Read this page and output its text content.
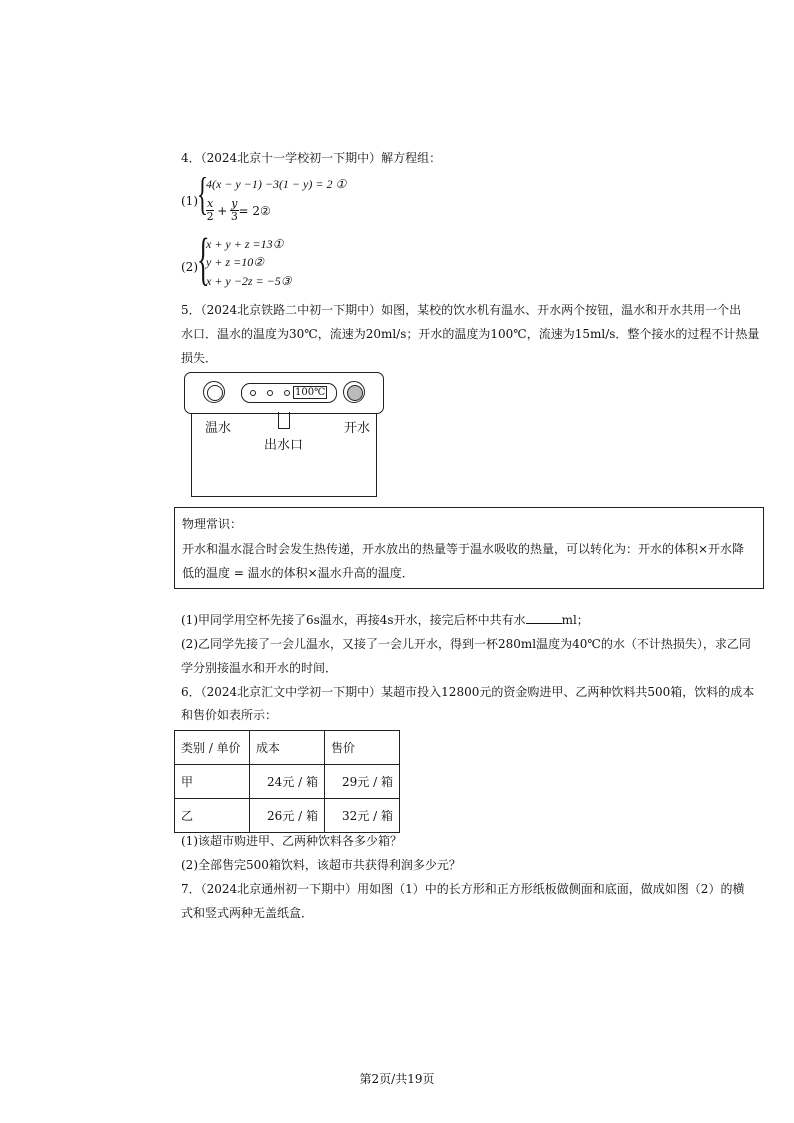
4．（2024北京十一学校初一下期中）解方程组：
(1) {
4(x − y −1) −3(1 − y) = 2 ①
$\frac{x}{2} + \frac{y}{3}$ = 2②
(2) {
x + y + z =13①
y + z =10②
x + y −2z = −5③
5．（2024北京铁路二中初一下期中）如图，某校的饮水机有温水、开水两个按钮，温水和开水共用一个出
水口．温水的温度为30℃，流速为20ml/s；开水的温度为100℃，流速为15ml/s．整个接水的过程不计热量
损失．
100℃
温水	开水
出水口
物理常识：
开水和温水混合时会发生热传递，开水放出的热量等于温水吸收的热量，可以转化为：开水的体积×开水降
低的温度 = 温水的体积×温水升高的温度．
(1)甲同学用空杯先接了6s温水，再接4s开水，接完后杯中共有水	ml；
(2)乙同学先接了一会儿温水，又接了一会儿开水，得到一杯280ml温度为40℃的水（不计热损失），求乙同
学分别接温水和开水的时间．
6．（2024北京汇文中学初一下期中）某超市投入12800元的资金购进甲、乙两种饮料共500箱，饮料的成本
和售价如表所示：
类别 / 单价	成本	售价
甲	24元 / 箱	29元 / 箱
乙	26元 / 箱	32元 / 箱
(1)该超市购进甲、乙两种饮料各多少箱？
(2)全部售完500箱饮料，该超市共获得利润多少元？
7．（2024北京通州初一下期中）用如图（1）中的长方形和正方形纸板做侧面和底面，做成如图（2）的横
式和竖式两种无盖纸盒．
第2页/共19页
